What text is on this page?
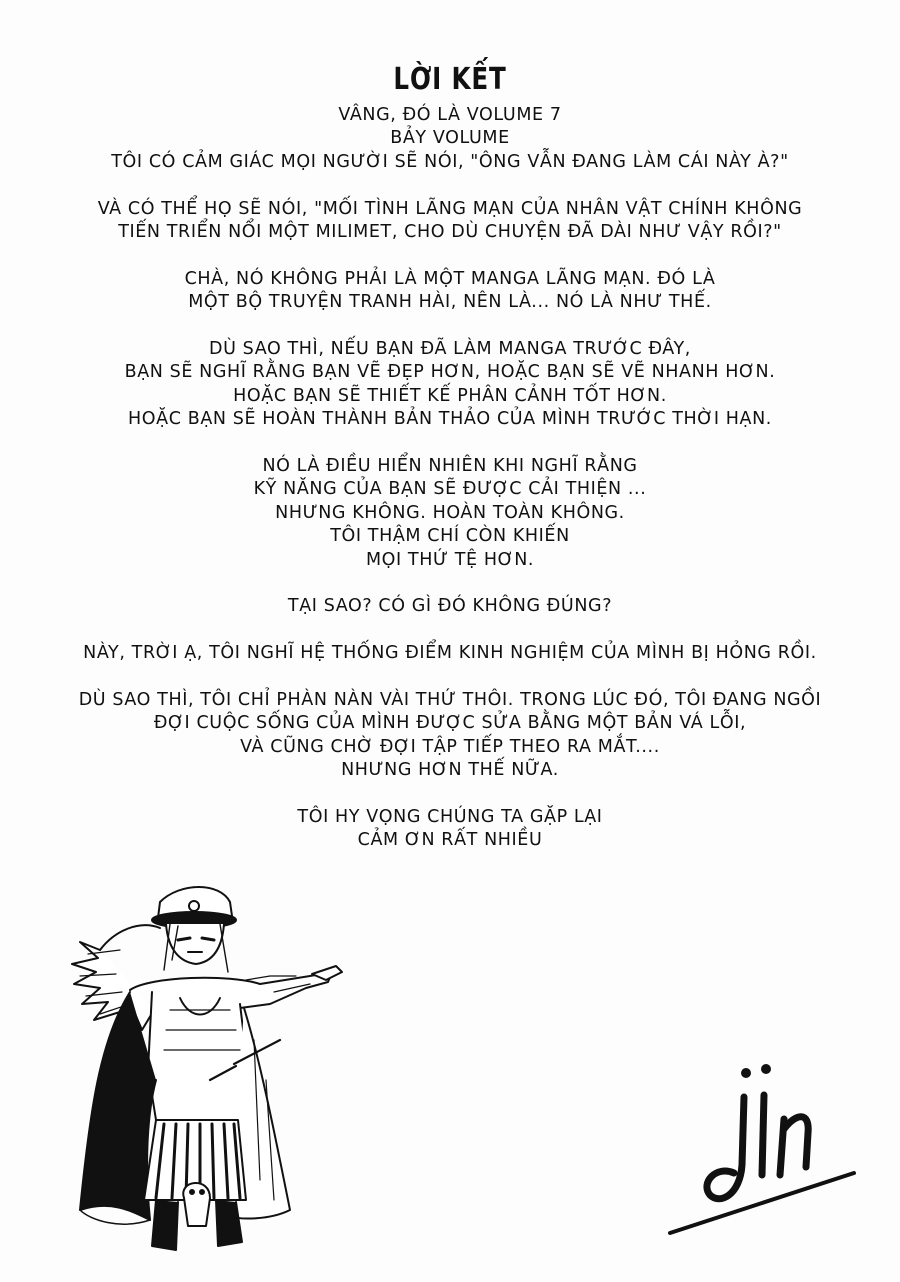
LỜI KẾT
VÂNG, ĐÓ LÀ VOLUME 7
BẢY VOLUME
TÔI CÓ CẢM GIÁC MỌI NGƯỜI SẼ NÓI, "ÔNG VẪN ĐANG LÀM CÁI NÀY À?"
VÀ CÓ THỂ HỌ SẼ NÓI, "MỐI TÌNH LÃNG MẠN CỦA NHÂN VẬT CHÍNH KHÔNG
TIẾN TRIỂN NỔI MỘT MILIMET, CHO DÙ CHUYỆN ĐÃ DÀI NHƯ VẬY RỒI?"
CHÀ, NÓ KHÔNG PHẢI LÀ MỘT MANGA LÃNG MẠN. ĐÓ LÀ
MỘT BỘ TRUYỆN TRANH HÀI, NÊN LÀ... NÓ LÀ NHƯ THẾ.
DÙ SAO THÌ, NẾU BẠN ĐÃ LÀM MANGA TRƯỚC ĐÂY,
BẠN SẼ NGHĨ RẰNG BẠN VẼ ĐẸP HƠN, HOẶC BẠN SẼ VẼ NHANH HƠN.
HOẶC BẠN SẼ THIẾT KẾ PHÂN CẢNH TỐT HƠN.
HOẶC BẠN SẼ HOÀN THÀNH BẢN THẢO CỦA MÌNH TRƯỚC THỜI HẠN.
NÓ LÀ ĐIỀU HIỂN NHIÊN KHI NGHĨ RẰNG
KỸ NĂNG CỦA BẠN SẼ ĐƯỢC CẢI THIỆN ...
NHƯNG KHÔNG. HOÀN TOÀN KHÔNG.
TÔI THẬM CHÍ CÒN KHIẾN
MỌI THỨ TỆ HƠN.
TẠI SAO? CÓ GÌ ĐÓ KHÔNG ĐÚNG?
NÀY, TRỜI Ạ, TÔI NGHĨ HỆ THỐNG ĐIỂM KINH NGHIỆM CỦA MÌNH BỊ HỎNG RỒI.
DÙ SAO THÌ, TÔI CHỈ PHÀN NÀN VÀI THỨ THÔI. TRONG LÚC ĐÓ, TÔI ĐANG NGỒI
ĐỢI CUỘC SỐNG CỦA MÌNH ĐƯỢC SỬA BẰNG MỘT BẢN VÁ LỖI,
VÀ CŨNG CHỜ ĐỢI TẬP TIẾP THEO RA MẮT....
NHƯNG HƠN THẾ NỮA.
TÔI HY VỌNG CHÚNG TA GẶP LẠI
CẢM ƠN RẤT NHIỀU
